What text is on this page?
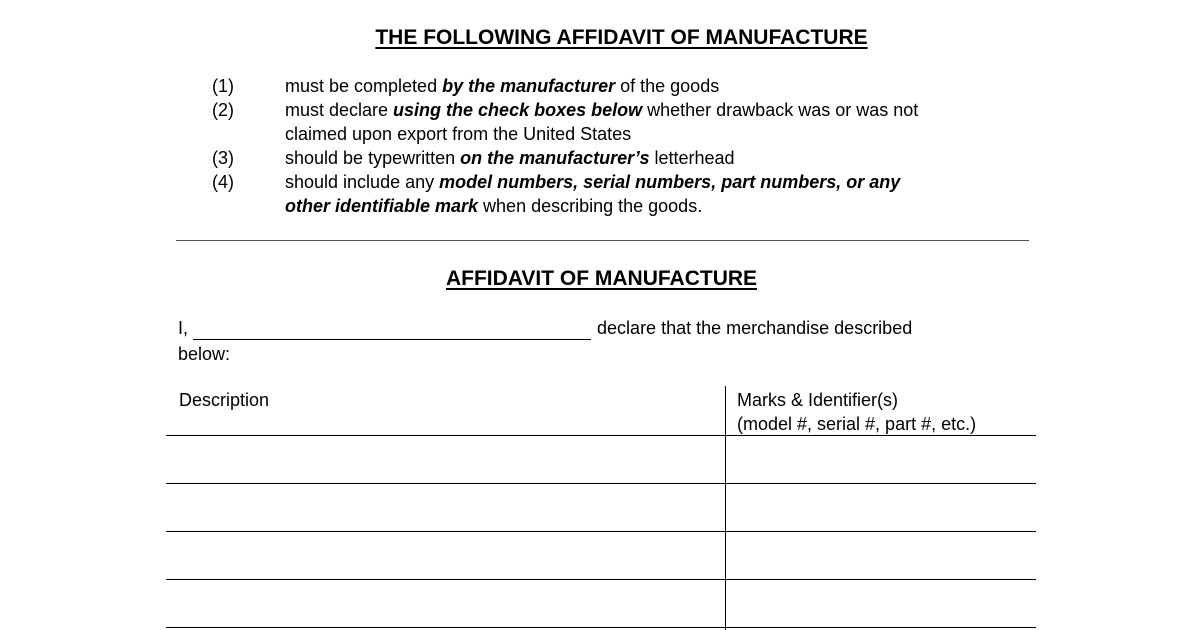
THE FOLLOWING AFFIDAVIT OF MANUFACTURE
(1)	must be completed by the manufacturer of the goods
(2)	must declare using the check boxes below whether drawback was or was not
claimed upon export from the United States
(3)	should be typewritten on the manufacturer’s letterhead
(4)	should include any model numbers, serial numbers, part numbers, or any
other identifiable mark when describing the goods.
AFFIDAVIT OF MANUFACTURE
I,	declare that the merchandise described
below:
Description	Marks & Identifier(s)
(model #, serial #, part #, etc.)
